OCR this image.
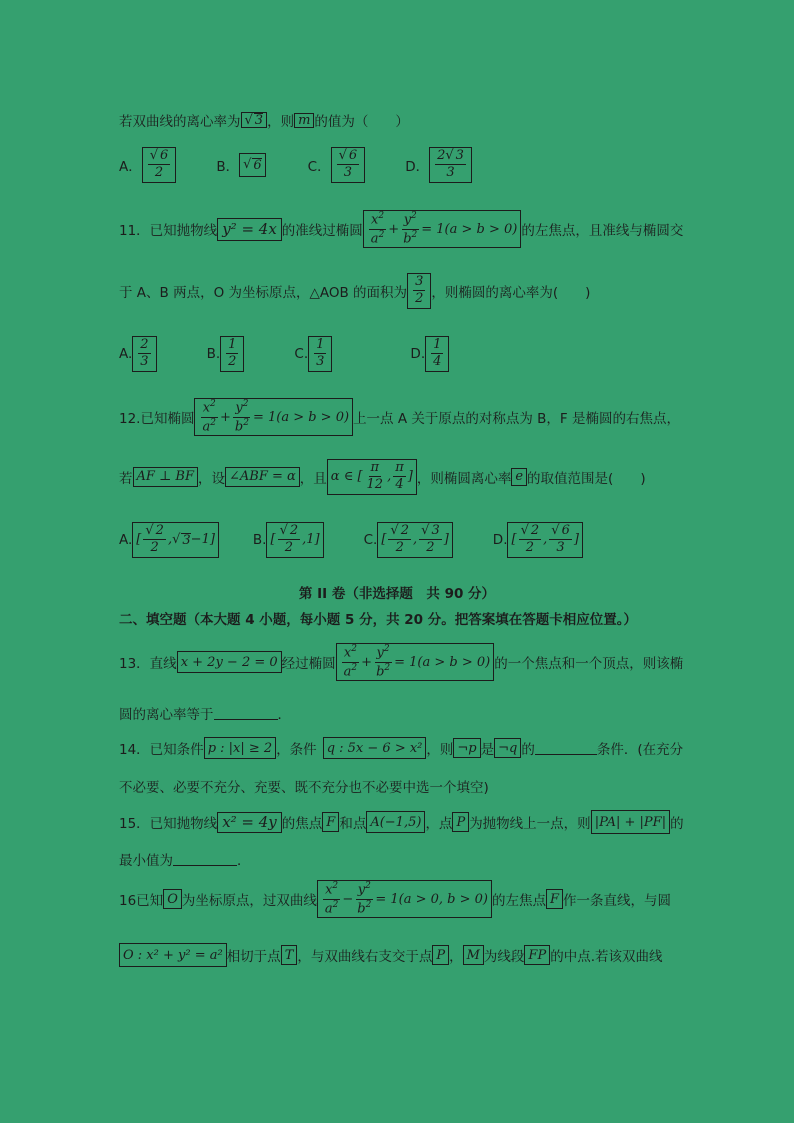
若双曲线的离心率为 √ 3 ，则 m 的值为（　　）
A． $\frac{√ 6}{2}$	B． √ 6	C． $\frac{√ 6}{3}$	D． $\frac{2√ 3}{3}$
11．已知抛物线 y² = 4x 的准线过椭圆 $\frac{x^2}{a^2} + \frac{y^2}{b^2} = 1(a > b > 0)$ 的左焦点，且准线与椭圆交
于 A、B 两点，O 为坐标原点，△AOB 的面积为 $\frac{3}{2}$ ，则椭圆的离心率为(　　)
A. $\frac{2}{3}$	B. $\frac{1}{2}$	C. $\frac{1}{3}$	D. $\frac{1}{4}$
12.已知椭圆 $\frac{x^2}{a^2} + \frac{y^2}{b^2} = 1(a > b > 0)$ 上一点 A 关于原点的对称点为 B，F 是椭圆的右焦点，
若 AF ⊥ BF ，设 ∠ABF = α ，且 α ∈ [ $\frac{\pi}{12}$ , $\frac{\pi}{4}$ ] ，则椭圆离心率 e 的取值范围是(　　)
A. [ $\frac{√ 2}{2}$ , √ 3 −1]	B. [ $\frac{√ 2}{2} ,1$]	C. [ $\frac{√ 2}{2}$ , $\frac{√ 3}{2}$ ]	D. [ $\frac{√ 2}{2}$ , $\frac{√ 6}{3}$ ]
第 II 卷（非选择题　共 90 分）
二、填空题（本大题 4 小题，每小题 5 分，共 20 分。把答案填在答题卡相应位置。）
13．直线 x + 2y − 2 = 0 经过椭圆 $\frac{x^2}{a^2} + \frac{y^2}{b^2} = 1(a > b > 0)$ 的一个焦点和一个顶点，则该椭
圆的离心率等于	．
14．已知条件 p : |x| ≥ 2 ，条件 q : 5x − 6 > x² ，则 ¬p 是 ¬q 的	条件．(在充分
不必要、必要不充分、充要、既不充分也不必要中选一个填空)
15．已知抛物线 x² = 4y 的焦点 F 和点 A(−1,5) ，点 P 为抛物线上一点，则 |PA| + |PF| 的
最小值为	．
16已知 O 为坐标原点，过双曲线 $\frac{x^2}{a^2} - \frac{y^2}{b^2} = 1(a > 0$, b > 0) 的左焦点 F 作一条直线，与圆
O : x² + y² = a² 相切于点 T ，与双曲线右支交于点 P ， M 为线段 FP 的中点.若该双曲线
